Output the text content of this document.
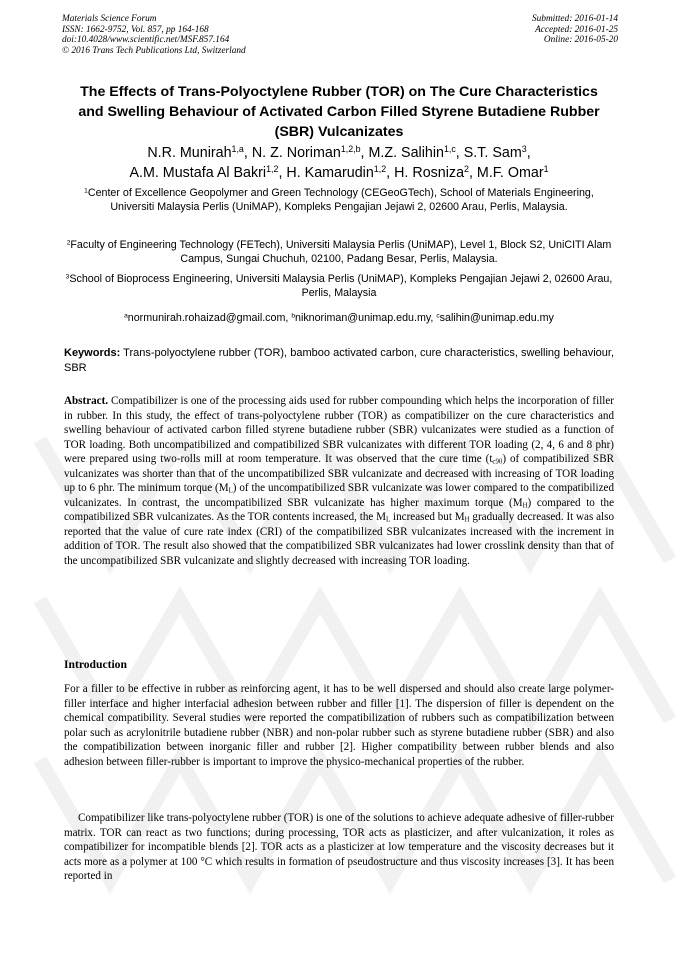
Materials Science Forum
ISSN: 1662-9752, Vol. 857, pp 164-168
doi:10.4028/www.scientific.net/MSF.857.164
© 2016 Trans Tech Publications Ltd, Switzerland
Submitted: 2016-01-14
Accepted: 2016-01-25
Online: 2016-05-20
The Effects of Trans-Polyoctylene Rubber (TOR) on The Cure Characteristics and Swelling Behaviour of Activated Carbon Filled Styrene Butadiene Rubber (SBR) Vulcanizates
N.R. Munirah$^{1,a}$, N. Z. Noriman$^{1,2,b}$, M.Z. Salihin$^{1,c}$, S.T. Sam$^3$,
A.M. Mustafa Al Bakri$^{1,2}$, H. Kamarudin$^{1,2}$, H. Rosniza$^2$, M.F. Omar$^1$
$^1$Center of Excellence Geopolymer and Green Technology (CEGeoGTech), School of Materials Engineering, Universiti Malaysia Perlis (UniMAP), Kompleks Pengajian Jejawi 2, 02600 Arau, Perlis, Malaysia.
$^2$Faculty of Engineering Technology (FETech), Universiti Malaysia Perlis (UniMAP), Level 1, Block S2, UniCITI Alam Campus, Sungai Chuchuh, 02100, Padang Besar, Perlis, Malaysia.
$^3$School of Bioprocess Engineering, Universiti Malaysia Perlis (UniMAP), Kompleks Pengajian Jejawi 2, 02600 Arau, Perlis, Malaysia
$^a$normunirah.rohaizad@gmail.com, $^b$niknoriman@unimap.edu.my, $^c$salihin@unimap.edu.my
Keywords: Trans-polyoctylene rubber (TOR), bamboo activated carbon, cure characteristics, swelling behaviour, SBR
Abstract. Compatibilizer is one of the processing aids used for rubber compounding which helps the incorporation of filler in rubber. In this study, the effect of trans-polyoctylene rubber (TOR) as compatibilizer on the cure characteristics and swelling behaviour of activated carbon filled styrene butadiene rubber (SBR) vulcanizates were studied as a function of TOR loading. Both uncompatibilized and compatibilized SBR vulcanizates with different TOR loading (2, 4, 6 and 8 phr) were prepared using two-rolls mill at room temperature. It was observed that the cure time $(t_{c90})$ of compatibilized SBR vulcanizates was shorter than that of the uncompatibilized SBR vulcanizate and decreased with increasing of TOR loading up to 6 phr. The minimum torque $(M_L)$ of the uncompatibilized SBR vulcanizate was lower compared to the compatibilized vulcanizates. In contrast, the uncompatibilized SBR vulcanizate has higher maximum torque $(M_H)$ compared to the compatibilized SBR vulcanizates. As the TOR contents increased, the $M_L$ increased but $M_H$ gradually decreased. It was also reported that the value of cure rate index (CRI) of the compatibilized SBR vulcanizates increased with the increment in addition of TOR. The result also showed that the compatibilized SBR vulcanizates had lower crosslink density than that of the uncompatibilized SBR vulcanizate and slightly decreased with increasing TOR loading.
Introduction
For a filler to be effective in rubber as reinforcing agent, it has to be well dispersed and should also create large polymer-filler interface and higher interfacial adhesion between rubber and filler [1]. The dispersion of filler is dependent on the chemical compatibility. Several studies were reported the compatibilization of rubbers such as compatibilization between polar such as acrylonitrile butadiene rubber (NBR) and non-polar rubber such as styrene butadiene rubber (SBR) and also the compatibilization between inorganic filler and rubber [2]. Higher compatibility between rubber blends and also adhesion between filler-rubber is important to improve the physico-mechanical properties of the rubber.
Compatibilizer like trans-polyoctylene rubber (TOR) is one of the solutions to achieve adequate adhesive of filler-rubber matrix. TOR can react as two functions; during processing, TOR acts as plasticizer, and after vulcanization, it roles as compatibilizer for incompatible blends [2]. TOR acts as a plasticizer at low temperature and the viscosity decreases but it acts more as a polymer at 100 °C which results in formation of pseudostructure and thus viscosity increases [3]. It has been reported in
